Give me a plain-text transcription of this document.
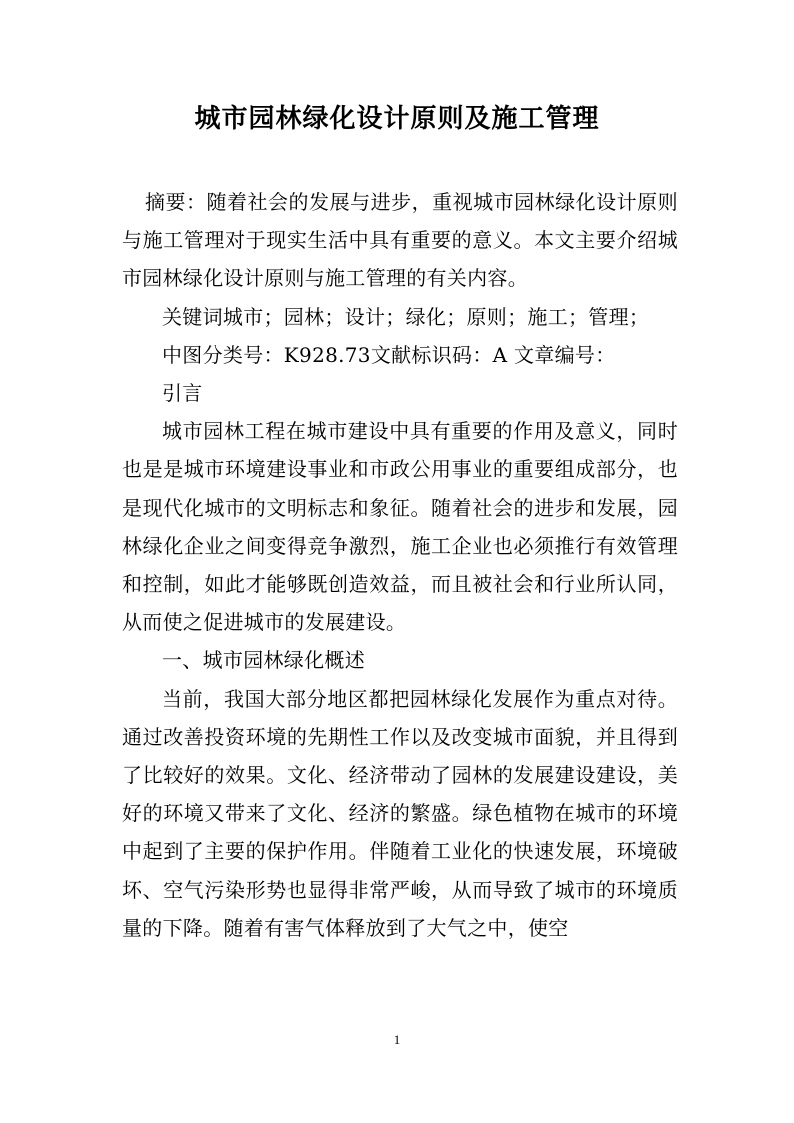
城市园林绿化设计原则及施工管理

摘要：随着社会的发展与进步，重视城市园林绿化设计原则与施工管理对于现实生活中具有重要的意义。本文主要介绍城市园林绿化设计原则与施工管理的有关内容。

关键词城市；园林；设计；绿化；原则；施工；管理；

中图分类号：K928.73文献标识码：A 文章编号：

引言

城市园林工程在城市建设中具有重要的作用及意义，同时也是是城市环境建设事业和市政公用事业的重要组成部分，也是现代化城市的文明标志和象征。随着社会的进步和发展，园林绿化企业之间变得竞争激烈，施工企业也必须推行有效管理和控制，如此才能够既创造效益，而且被社会和行业所认同，从而使之促进城市的发展建设。

一、城市园林绿化概述

当前，我国大部分地区都把园林绿化发展作为重点对待。通过改善投资环境的先期性工作以及改变城市面貌，并且得到了比较好的效果。文化、经济带动了园林的发展建设建设，美好的环境又带来了文化、经济的繁盛。绿色植物在城市的环境中起到了主要的保护作用。伴随着工业化的快速发展，环境破坏、空气污染形势也显得非常严峻，从而导致了城市的环境质量的下降。随着有害气体释放到了大气之中，使空

1
